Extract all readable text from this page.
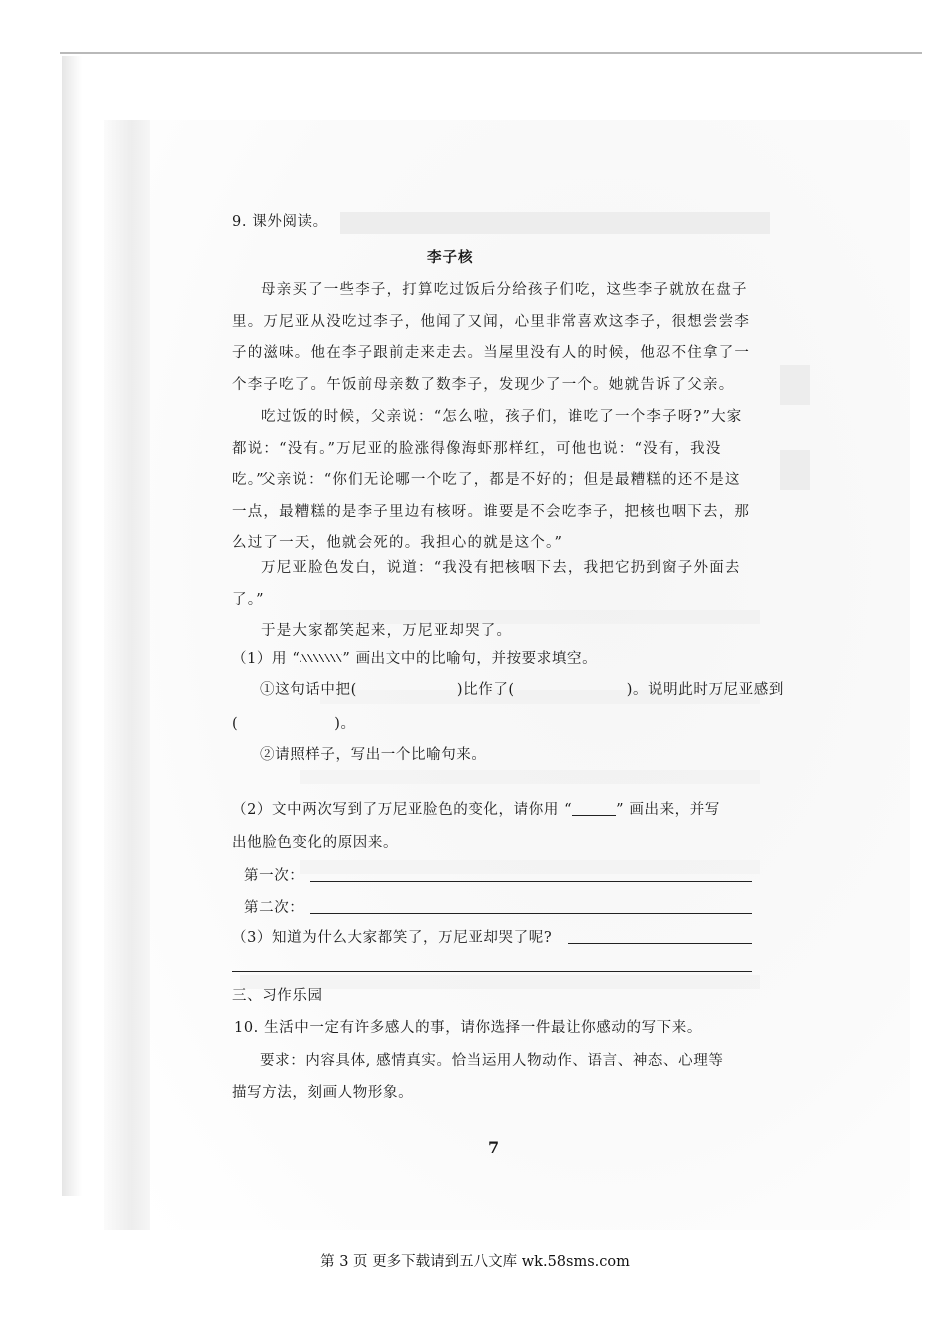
9. 课外阅读。
李子核
母亲买了一些李子，打算吃过饭后分给孩子们吃，这些李子就放在盘子里。万尼亚从没吃过李子，他闻了又闻，心里非常喜欢这李子，很想尝尝李子的滋味。他在李子跟前走来走去。当屋里没有人的时候，他忍不住拿了一个李子吃了。午饭前母亲数了数李子，发现少了一个。她就告诉了父亲。
吃过饭的时候，父亲说：“怎么啦，孩子们，谁吃了一个李子呀?”大家都说：“没有。”万尼亚的脸涨得像海虾那样红，可他也说：“没有，我没吃。”
父亲说：“你们无论哪一个吃了，都是不好的；但是最糟糕的还不是这一点，最糟糕的是李子里边有核呀。谁要是不会吃李子，把核也咽下去，那么过了一天，他就会死的。我担心的就是这个。”
万尼亚脸色发白，说道：“我没有把核咽下去，我把它扔到窗子外面去了。”
于是大家都笑起来，万尼亚却哭了。
（1）用 “	” 画出文中的比喻句，并按要求填空。
①这句话中把(	)比作了(	)。说明此时万尼亚感到
(	)。
②请照样子，写出一个比喻句来。
（2）文中两次写到了万尼亚脸色的变化，请你用 “	” 画出来，并写
出他脸色变化的原因来。
第一次：
第二次：
（3）知道为什么大家都笑了，万尼亚却哭了呢?
三、习作乐园
10. 生活中一定有许多感人的事，请你选择一件最让你感动的写下来。
要求：内容具体, 感情真实。恰当运用人物动作、语言、神态、心理等
描写方法，刻画人物形象。
7
第 3 页 更多下载请到五八文库 wk.58sms.com
